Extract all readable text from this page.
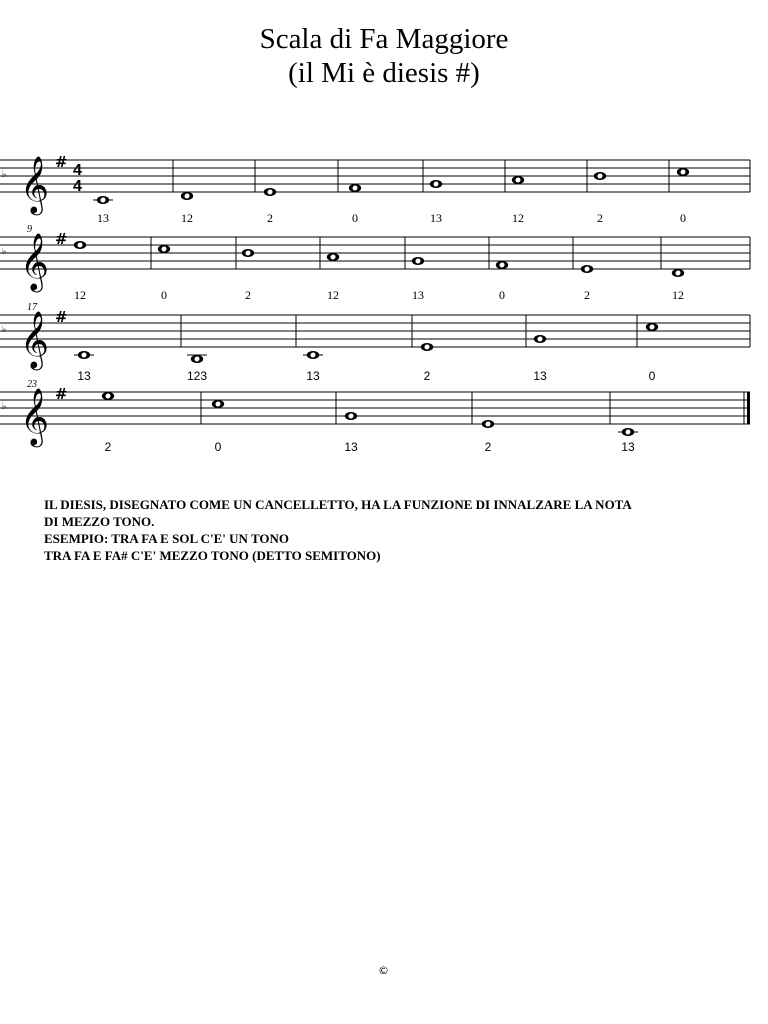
Scala di Fa Maggiore
(il Mi è diesis #)
♭ 𝄞 # 4
4
13	12	2	0	13	12	2	0
♭ 𝄞 #
9
12	0	2	12	13	0	2	12
♭ 𝄞 #
17
13	123	13	2	13	0
♭ 𝄞 #
23
2	0	13	2	13
IL DIESIS, DISEGNATO COME UN CANCELLETTO, HA LA FUNZIONE DI INNALZARE LA NOTA
DI MEZZO TONO.
ESEMPIO: TRA FA E SOL C'E' UN TONO
TRA FA E FA# C'E' MEZZO TONO (DETTO SEMITONO)
©
